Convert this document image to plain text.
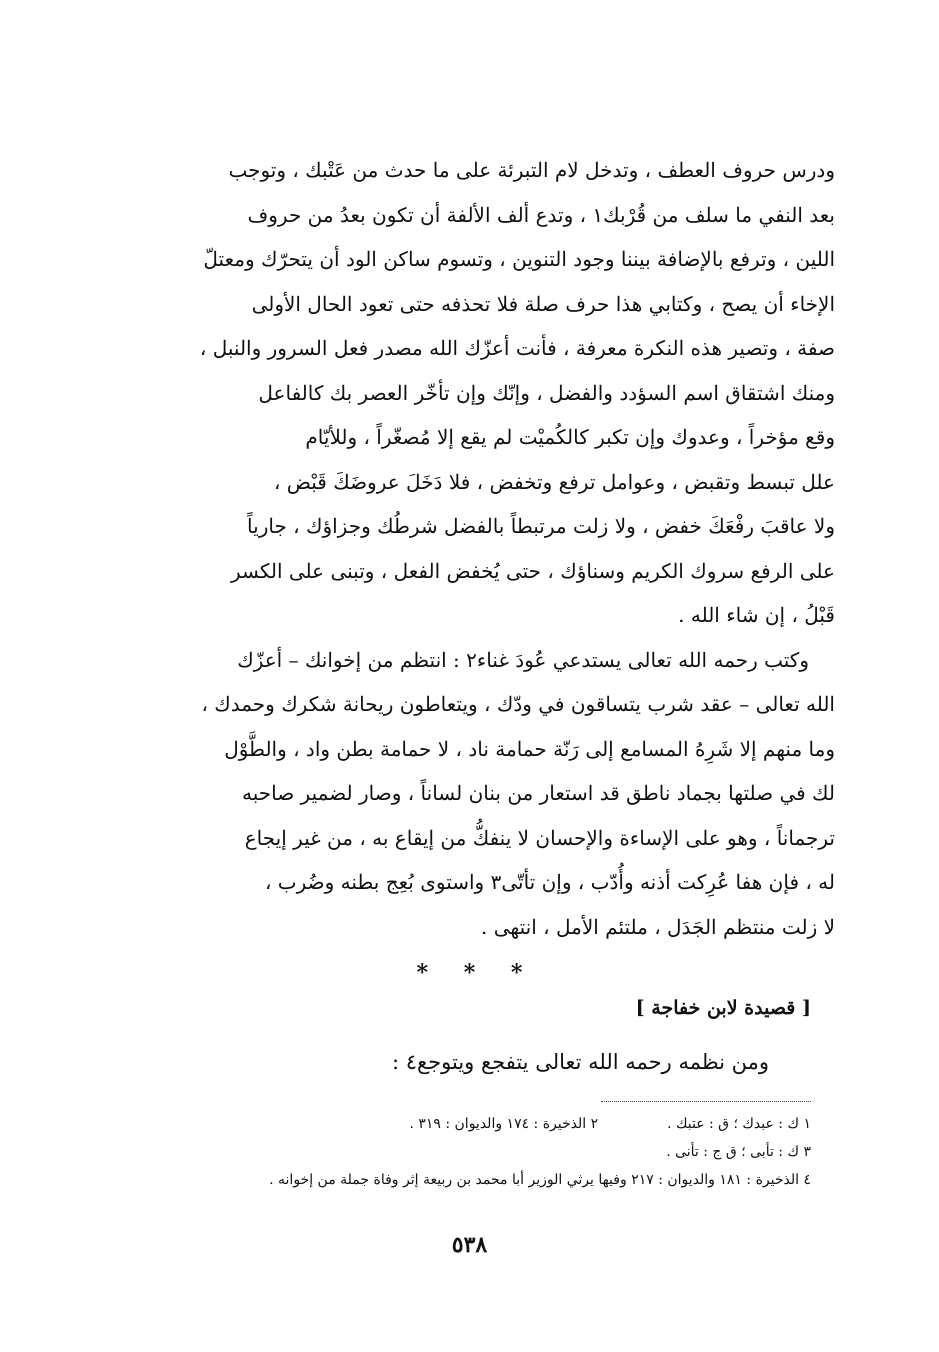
ودرس حروف العطف ، وتدخل لام التبرئة على ما حدث من عَتْبك ، وتوجب
بعد النفي ما سلف من قُرْبك١ ، وتدع ألف الألفة أن تكون بعدُ من حروف
اللين ، وترفع بالإضافة بيننا وجود التنوين ، وتسوم ساكن الود أن يتحرّك ومعتلّ
الإخاء أن يصح ، وكتابي هذا حرف صلة فلا تحذفه حتى تعود الحال الأولى
صفة ، وتصير هذه النكرة معرفة ، فأنت أعزّك الله مصدر فعل السرور والنبل ،
ومنك اشتقاق اسم السؤدد والفضل ، وإنّك وإن تأخّر العصر بك كالفاعل
وقع مؤخراً ، وعدوك وإن تكبر كالكُميْت لم يقع إلا مُصغّراً ، وللأيّام
علل تبسط وتقبض ، وعوامل ترفع وتخفض ، فلا دَخَلَ عروضَكَ قَبْض ،
ولا عاقبَ رفْعَكَ خفض ، ولا زلت مرتبطاً بالفضل شرطُك وجزاؤك ، جارياً
على الرفع سروك الكريم وسناؤك ، حتى يُخفض الفعل ، وتبنى على الكسر
قَبْلُ ، إن شاء الله .
وكتب رحمه الله تعالى يستدعي عُودَ غناء٢ : انتظم من إخوانك – أعزّك
الله تعالى – عقد شرب يتساقون في ودّك ، ويتعاطون ريحانة شكرك وحمدك ،
وما منهم إلا شَرِهُ المسامع إلى رَنّة حمامة ناد ، لا حمامة بطن واد ، والطَّوْل
لك في صلتها بجماد ناطق قد استعار من بنان لساناً ، وصار لضمير صاحبه
ترجماناً ، وهو على الإساءة والإحسان لا ينفكُّ من إيقاع به ، من غير إيجاع
له ، فإن هفا عُرِكت أذنه وأُدّب ، وإن تأتّى٣ واستوى بُعِج بطنه وضُرب ،
لا زلت منتظم الجَدَل ، ملتئم الأمل ، انتهى .
* * *
[ قصيدة لابن خفاجة ]
ومن نظمه رحمه الله تعالى يتفجع ويتوجع٤ :
١ ك : عبدك ؛ ق : عتبك .  ٢ الذخيرة : ١٧٤ والديوان : ٣١٩ .
٣ ك : تأبى ؛ ق ج : تأنى .
٤ الذخيرة : ١٨١ والديوان : ٢١٧ وفيها يرثي الوزير أبا محمد بن ربيعة إثر وفاة جملة من إخوانه .
٥٣٨
